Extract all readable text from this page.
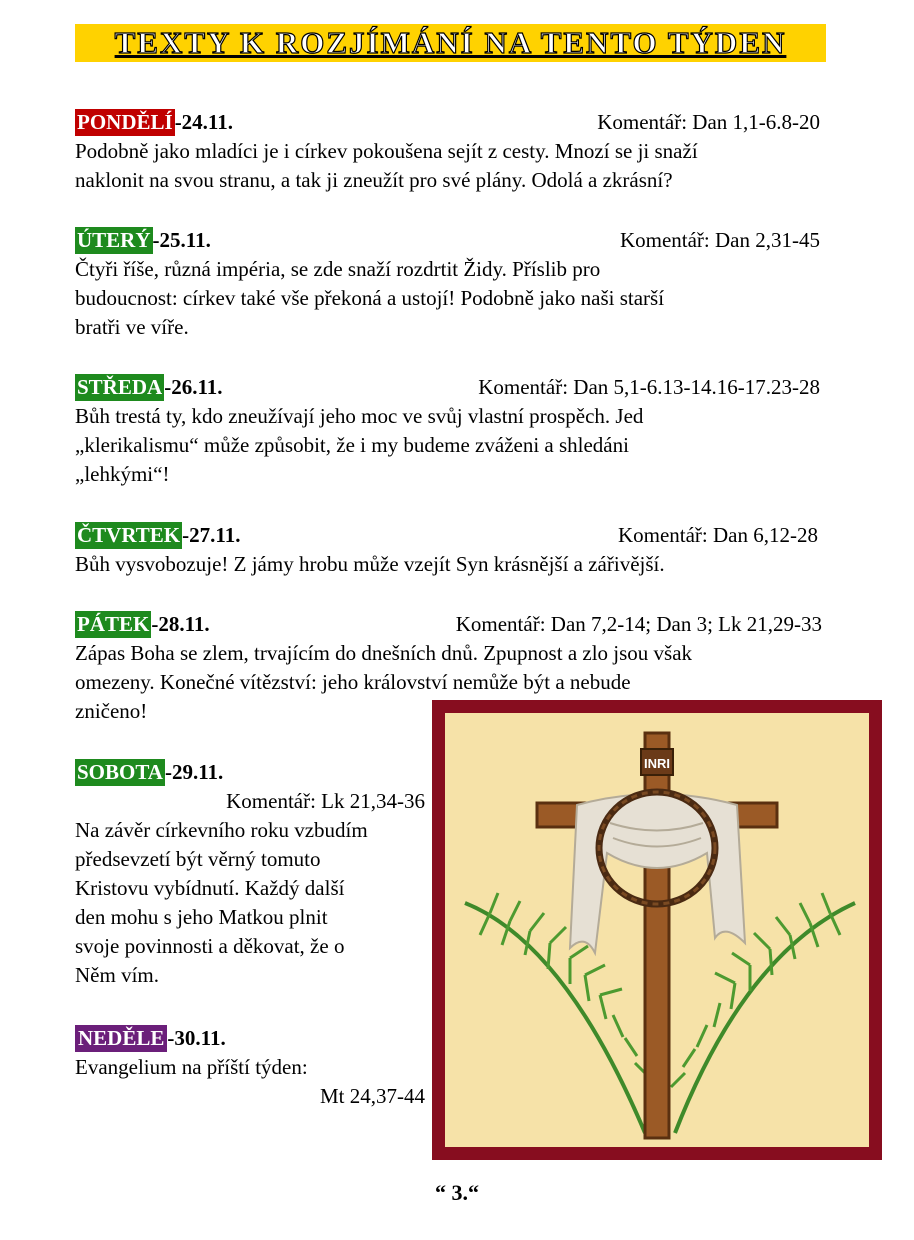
TEXTY K ROZJÍMÁNÍ NA TENTO TÝDEN
PONDĚLÍ-24.11.	Komentář: Dan 1,1-6.8-20
Podobně jako mladíci je i církev pokoušena sejít z cesty. Mnozí se ji snaží
naklonit na svou stranu, a tak ji zneužít pro své plány. Odolá a zkrásní?
ÚTERÝ-25.11.	Komentář: Dan 2,31-45
Čtyři říše, různá impéria, se zde snaží rozdrtit Židy. Příslib pro
budoucnost: církev také vše překoná a ustojí! Podobně jako naši starší
bratři ve víře.
STŘEDA-26.11.	Komentář: Dan 5,1-6.13-14.16-17.23-28
Bůh trestá ty, kdo zneužívají jeho moc ve svůj vlastní prospěch. Jed
„klerikalismu“ může způsobit, že i my budeme zváženi a shledáni
„lehkými“!
ČTVRTEK-27.11.	Komentář: Dan 6,12-28
Bůh vysvobozuje! Z jámy hrobu může vzejít Syn krásnější a zářivější.
PÁTEK-28.11.	Komentář: Dan 7,2-14; Dan 3; Lk 21,29-33
Zápas Boha se zlem, trvajícím do dnešních dnů. Zpupnost a zlo jsou však
omezeny. Konečné vítězství: jeho království nemůže být a nebude
zničeno!
SOBOTA-29.11.
Komentář: Lk 21,34-36
Na závěr církevního roku vzbudím
předsevzetí být věrný tomuto
Kristovu vybídnutí. Každý další
den mohu s jeho Matkou plnit
svoje povinnosti a děkovat, že o
Něm vím.
NEDĚLE -30.11.
Evangelium na příští týden:
Mt 24,37-44
INRI
“ 3.“
